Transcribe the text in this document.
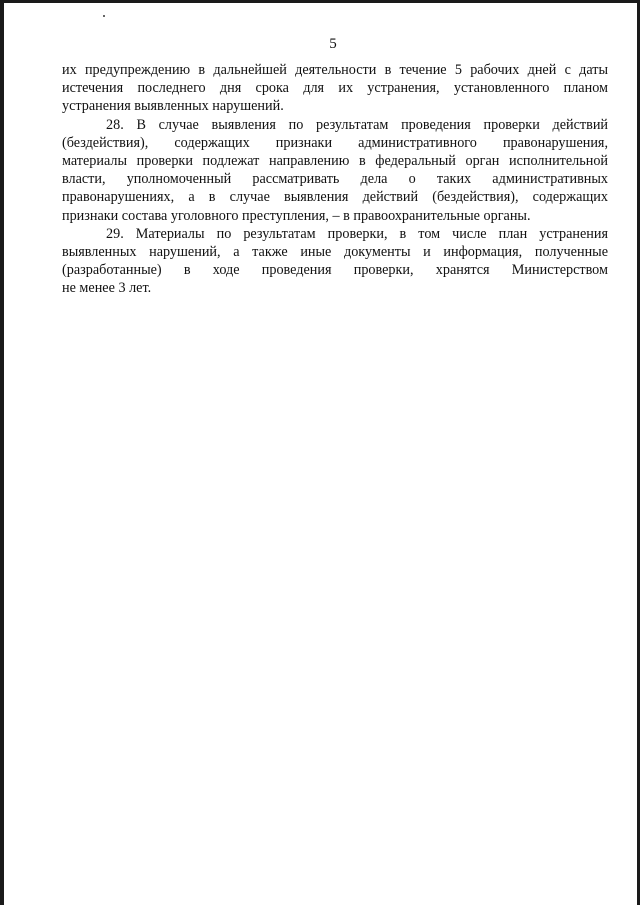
5
их предупреждению в дальнейшей деятельности в течение 5 рабочих дней с даты
истечения последнего дня срока для их устранения, установленного планом
устранения выявленных нарушений.
28. В случае выявления по результатам проведения проверки действий
(бездействия), содержащих признаки административного правонарушения,
материалы проверки подлежат направлению в федеральный орган исполнительной
власти, уполномоченный рассматривать дела о таких административных
правонарушениях, а в случае выявления действий (бездействия), содержащих
признаки состава уголовного преступления, – в правоохранительные органы.
29. Материалы по результатам проверки, в том числе план устранения
выявленных нарушений, а также иные документы и информация, полученные
(разработанные) в ходе проведения проверки, хранятся Министерством
не менее 3 лет.
